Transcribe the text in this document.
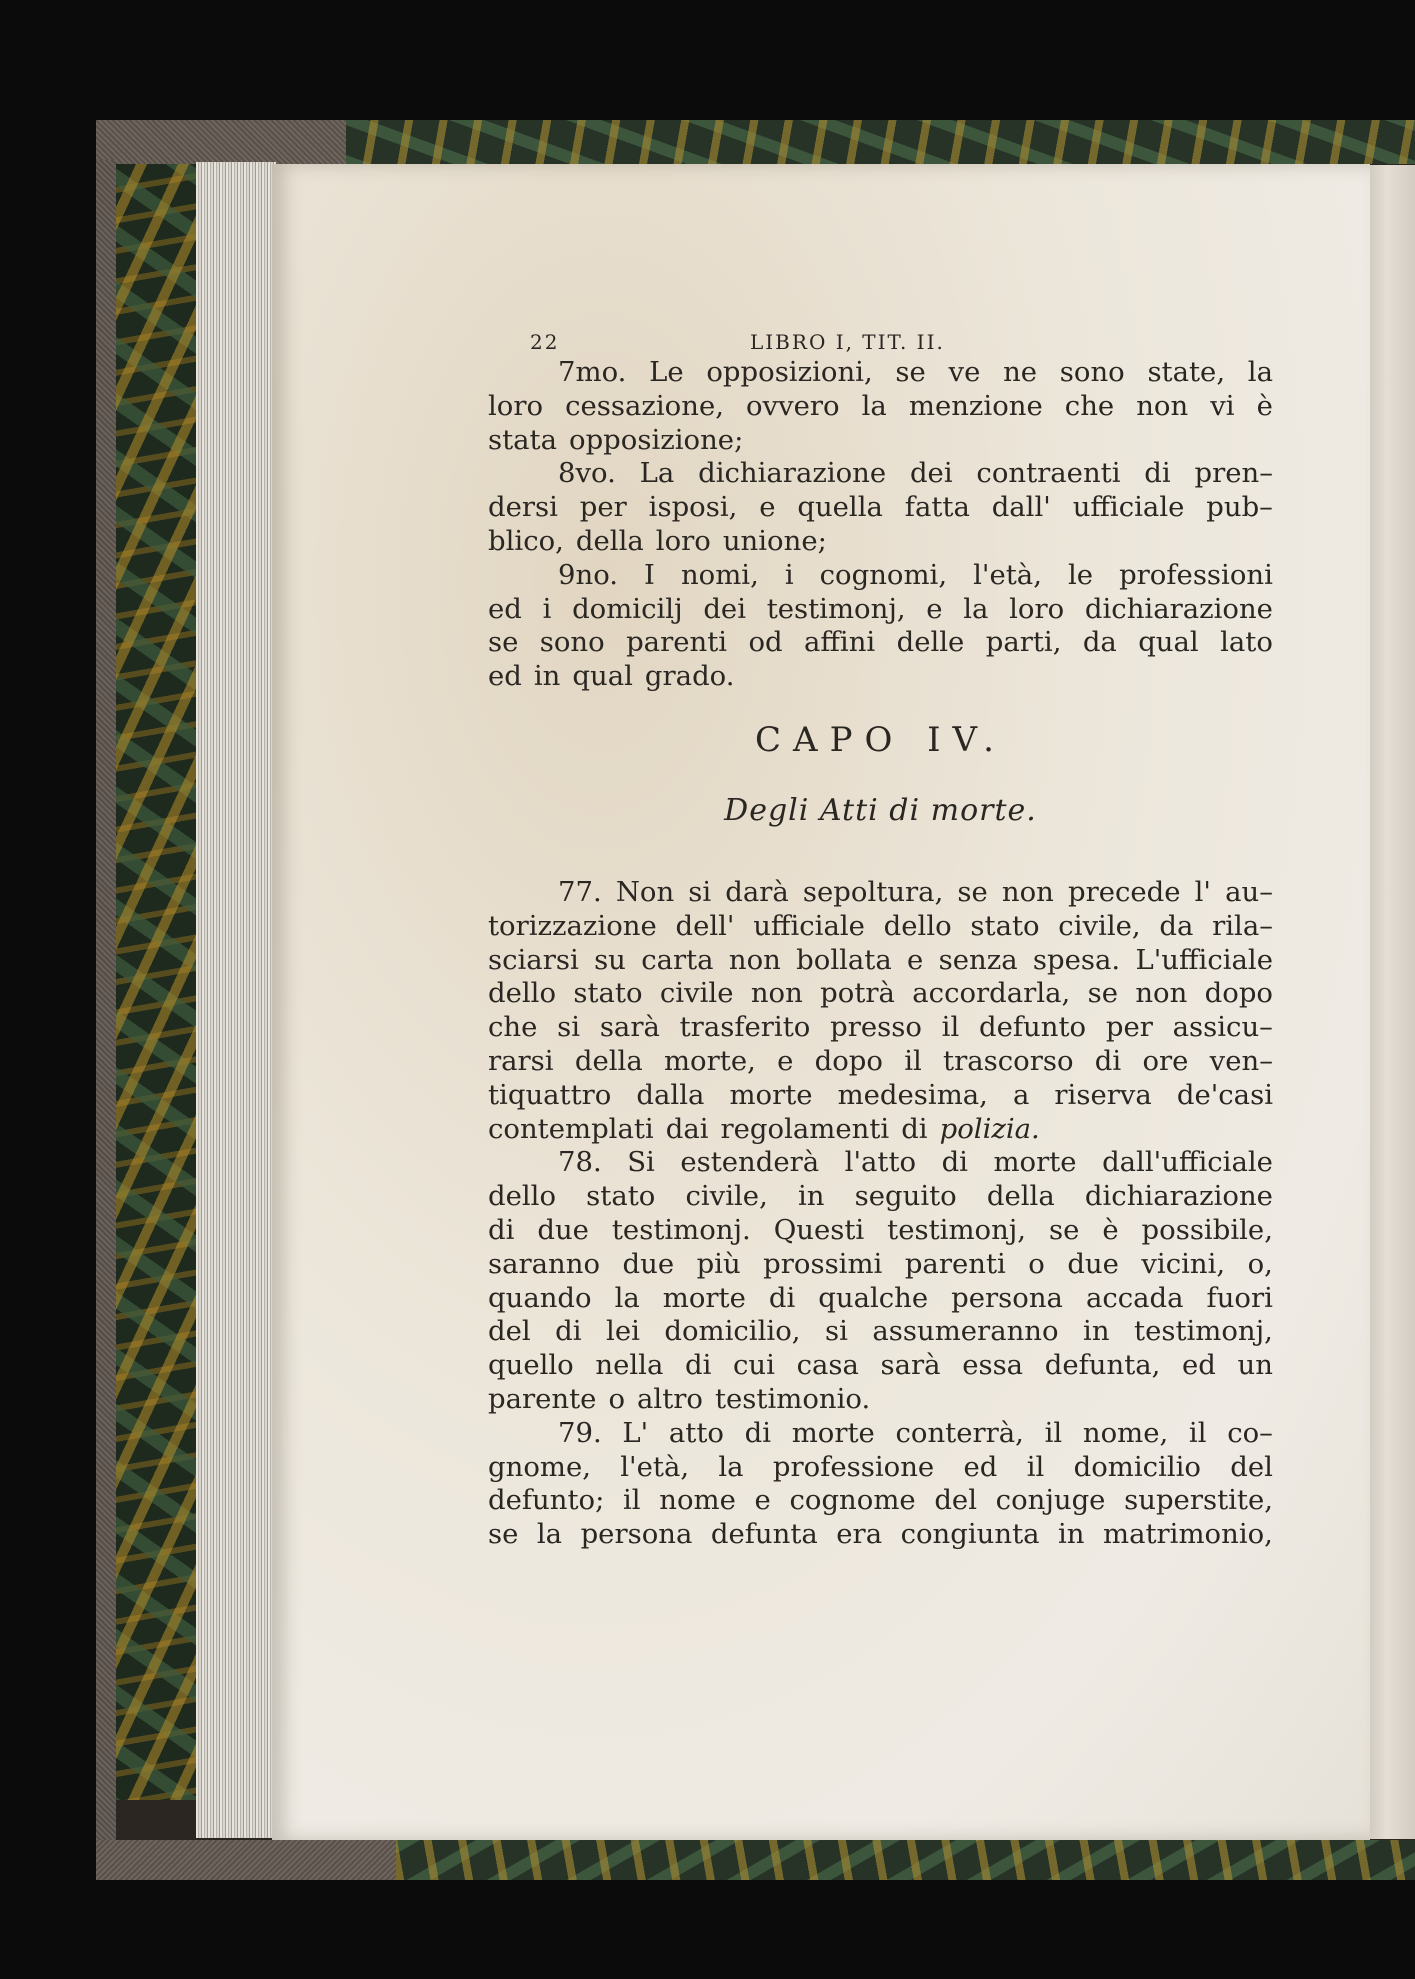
22	LIBRO I, TIT. II.
7mo. Le opposizioni, se ve ne sono state, la
loro cessazione, ovvero la menzione che non vi è
stata opposizione;
8vo. La dichiarazione dei contraenti di pren–
dersi per isposi, e quella fatta dall' ufficiale pub–
blico, della loro unione;
9no. I nomi, i cognomi, l'età, le professioni
ed i domicilj dei testimonj, e la loro dichiarazione
se sono parenti od affini delle parti, da qual lato
ed in qual grado.
CAPO IV.
Degli Atti di morte.
77. Non si darà sepoltura, se non precede l' au–
torizzazione dell' ufficiale dello stato civile, da rila–
sciarsi su carta non bollata e senza spesa. L'ufficiale
dello stato civile non potrà accordarla, se non dopo
che si sarà trasferito presso il defunto per assicu–
rarsi della morte, e dopo il trascorso di ore ven–
tiquattro dalla morte medesima, a riserva de'casi
contemplati dai regolamenti di polizia.
78. Si estenderà l'atto di morte dall'ufficiale
dello stato civile, in seguito della dichiarazione
di due testimonj. Questi testimonj, se è possibile,
saranno due più prossimi parenti o due vicini, o,
quando la morte di qualche persona accada fuori
del di lei domicilio, si assumeranno in testimonj,
quello nella di cui casa sarà essa defunta, ed un
parente o altro testimonio.
79. L' atto di morte conterrà, il nome, il co–
gnome, l'età, la professione ed il domicilio del
defunto; il nome e cognome del conjuge superstite,
se la persona defunta era congiunta in matrimonio,
